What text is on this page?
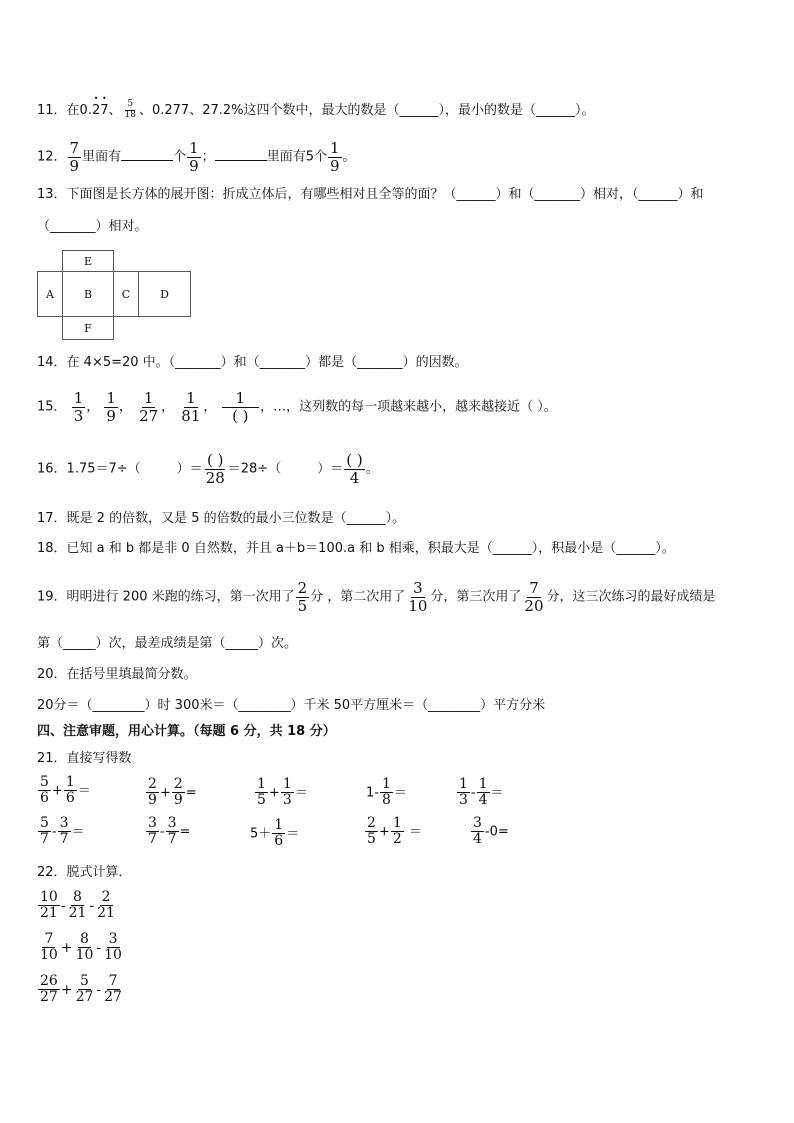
11．在0.• 2• 7、 $\frac{5}{18}$ 、0.277、27.2%这四个数中，最大的数是（______），最小的数是（______）。
12． $\frac{7}{9}$ 里面有	个 $\frac{1}{9}$ ；	里面有5个 $\frac{1}{9}$ 。
13．下面图是长方体的展开图：折成立体后，有哪些相对且全等的面？（______）和（_______）相对，（______）和
（_______）相对。
E
A	B	C	D
F
14．在 4×5=20 中。（_______）和（_______）都是（_______）的因数。
15． $\frac{1}{3}$ ， $\frac{1}{9}$ ， $\frac{1}{27}$ ， $\frac{1}{81}$ ， $\frac{1}{( )}$ ，…，这列数的每一项越来越小，越来越接近（ ）。
16．1.75＝7÷（	）＝ $\frac{( )}{28} =28\div$（	）＝ $\frac{( )}{4}$ 。
17．既是 2 的倍数，又是 5 的倍数的最小三位数是（______）。
18．已知 a 和 b 都是非 0 自然数，并且 a＋b＝100.a 和 b 相乘，积最大是（______），积最小是（______）。
19．明明进行 200 米跑的练习，第一次用了 $\frac{2}{5}$ 分 ，第二次用了 $\frac{3}{10}$ 分，第三次用了 $\frac{7}{20}$ 分，这三次练习的最好成绩是
第（_____）次，最差成绩是第（_____）次。
20．在括号里填最简分数。
20分＝（________）时 300米＝（________）千米 50平方厘米＝（________）平方分米
四、注意审题，用心计算。（每题 6 分，共 18 分）
21．直接写得数
$\frac{5}{6} + \frac{1}{6}$ ＝	$\frac{2}{9} + \frac{2}{9}$ =	$\frac{1}{5} + \frac{1}{3}$ ＝	$1- \frac{1}{8}$ ＝	$\frac{1}{3} - \frac{1}{4}$ ＝
$\frac{5}{7} - \frac{3}{7}$ ＝	$\frac{3}{7} - \frac{3}{7}$ =	$5+ \frac{1}{6}$ ＝	$\frac{2}{5} + \frac{1}{2}$ ＝	$\frac{3}{4} -0=$
22．脱式计算．
$\frac{10}{21} - \frac{8}{21} - \frac{2}{21}$
$\frac{7}{10} + \frac{8}{10} - \frac{3}{10}$
$\frac{26}{27} + \frac{5}{27} - \frac{7}{27}$
